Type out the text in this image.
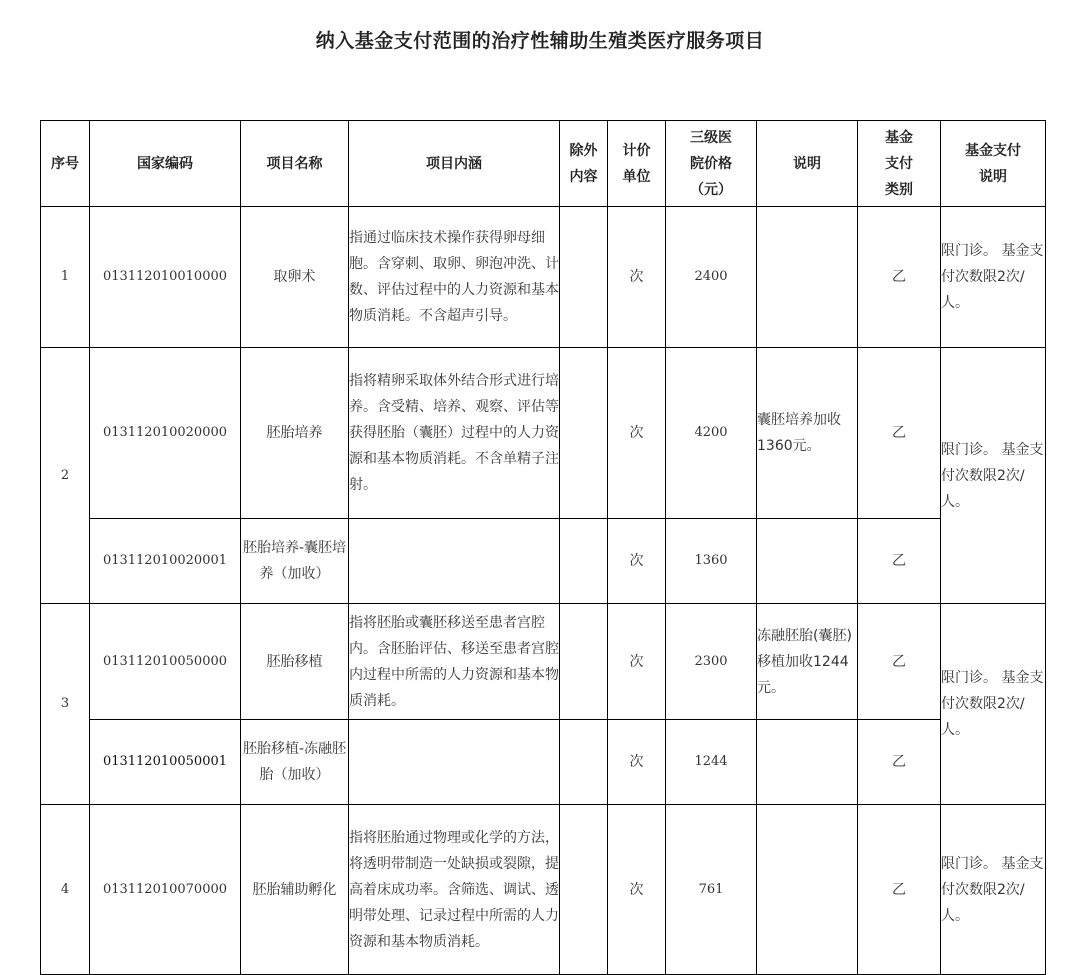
纳入基金支付范围的治疗性辅助生殖类医疗服务项目
序号	国家编码	项目名称	项目内涵	除外内容	计价单位	三级医院价格（元）	说明	基金支付类别	基金支付说明

1	013112010010000	取卵术	指通过临床技术操作获得卵母细胞。含穿刺、取卵、卵泡冲洗、计数、评估过程中的人力资源和基本物质消耗。不含超声引导。		次	2400		乙	限门诊。 基金支付次数限2次/人。
2	013112010020000	胚胎培养	指将精卵采取体外结合形式进行培养。含受精、培养、观察、评估等获得胚胎（囊胚）过程中的人力资源和基本物质消耗。不含单精子注射。		次	4200	囊胚培养加收1360元。	乙	限门诊。 基金支付次数限2次/人。
	013112010020001	胚胎培养-囊胚培养（加收）			次	1360		乙	
3	013112010050000	胚胎移植	指将胚胎或囊胚移送至患者宫腔内。含胚胎评估、移送至患者宫腔内过程中所需的人力资源和基本物质消耗。		次	2300	冻融胚胎(囊胚)移植加收1244元。	乙	限门诊。 基金支付次数限2次/人。
	013112010050001	胚胎移植-冻融胚胎（加收）			次	1244		乙	
4	013112010070000	胚胎辅助孵化	指将胚胎通过物理或化学的方法，将透明带制造一处缺损或裂隙，提高着床成功率。含筛选、调试、透明带处理、记录过程中所需的人力资源和基本物质消耗。		次	761		乙	限门诊。 基金支付次数限2次/人。
